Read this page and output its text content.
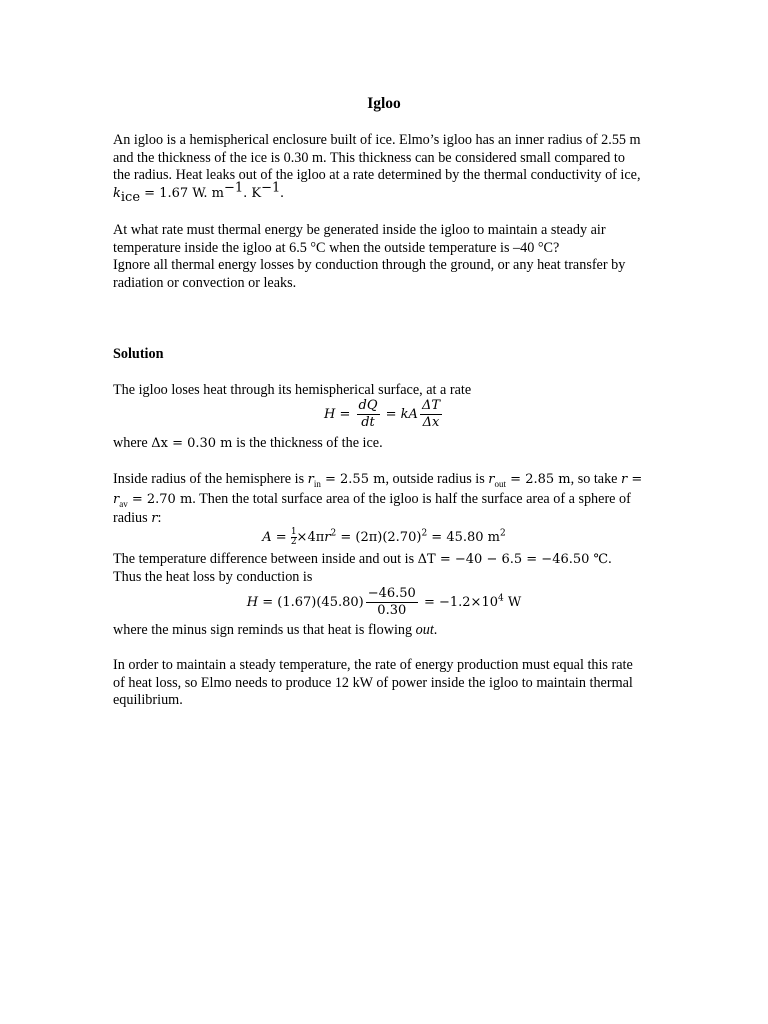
Igloo
An igloo is a hemispherical enclosure built of ice. Elmo’s igloo has an inner radius of 2.55 m and the thickness of the ice is 0.30 m. This thickness can be considered small compared to the radius. Heat leaks out of the igloo at a rate determined by the thermal conductivity of ice, $k_{ice} = 1.67$ W. $m^{-1}$. $K^{-1}$.
At what rate must thermal energy be generated inside the igloo to maintain a steady air temperature inside the igloo at 6.5 °C when the outside temperature is –40 °C?
Ignore all thermal energy losses by conduction through the ground, or any heat transfer by radiation or convection or leaks.
Solution
The igloo loses heat through its hemispherical surface, at a rate
$H = \frac{dQ}{dt}$ = kA $\frac{\Delta T}{\Delta x}$
where Δx = 0.30 m is the thickness of the ice.
Inside radius of the hemisphere is $r_{in} = 2.55$ m, outside radius is $r_{out} = 2.85$ m, so take $r = r_{av} = 2.70$ m. Then the total surface area of the igloo is half the surface area of a sphere of radius r:
$A = \frac{1}{2} \times 4\pi r^2 = (2\pi)(2.70)^2 = 45.80$ $m^2$
The temperature difference between inside and out is ΔT = −40 − 6.5 = −46.50 ℃.
Thus the heat loss by conduction is
$H = (1.67)(45.80) \frac{-46.50}{0.30} = -1.2\times 10^4$ W
where the minus sign reminds us that heat is flowing out.
In order to maintain a steady temperature, the rate of energy production must equal this rate of heat loss, so Elmo needs to produce 12 kW of power inside the igloo to maintain thermal equilibrium.
